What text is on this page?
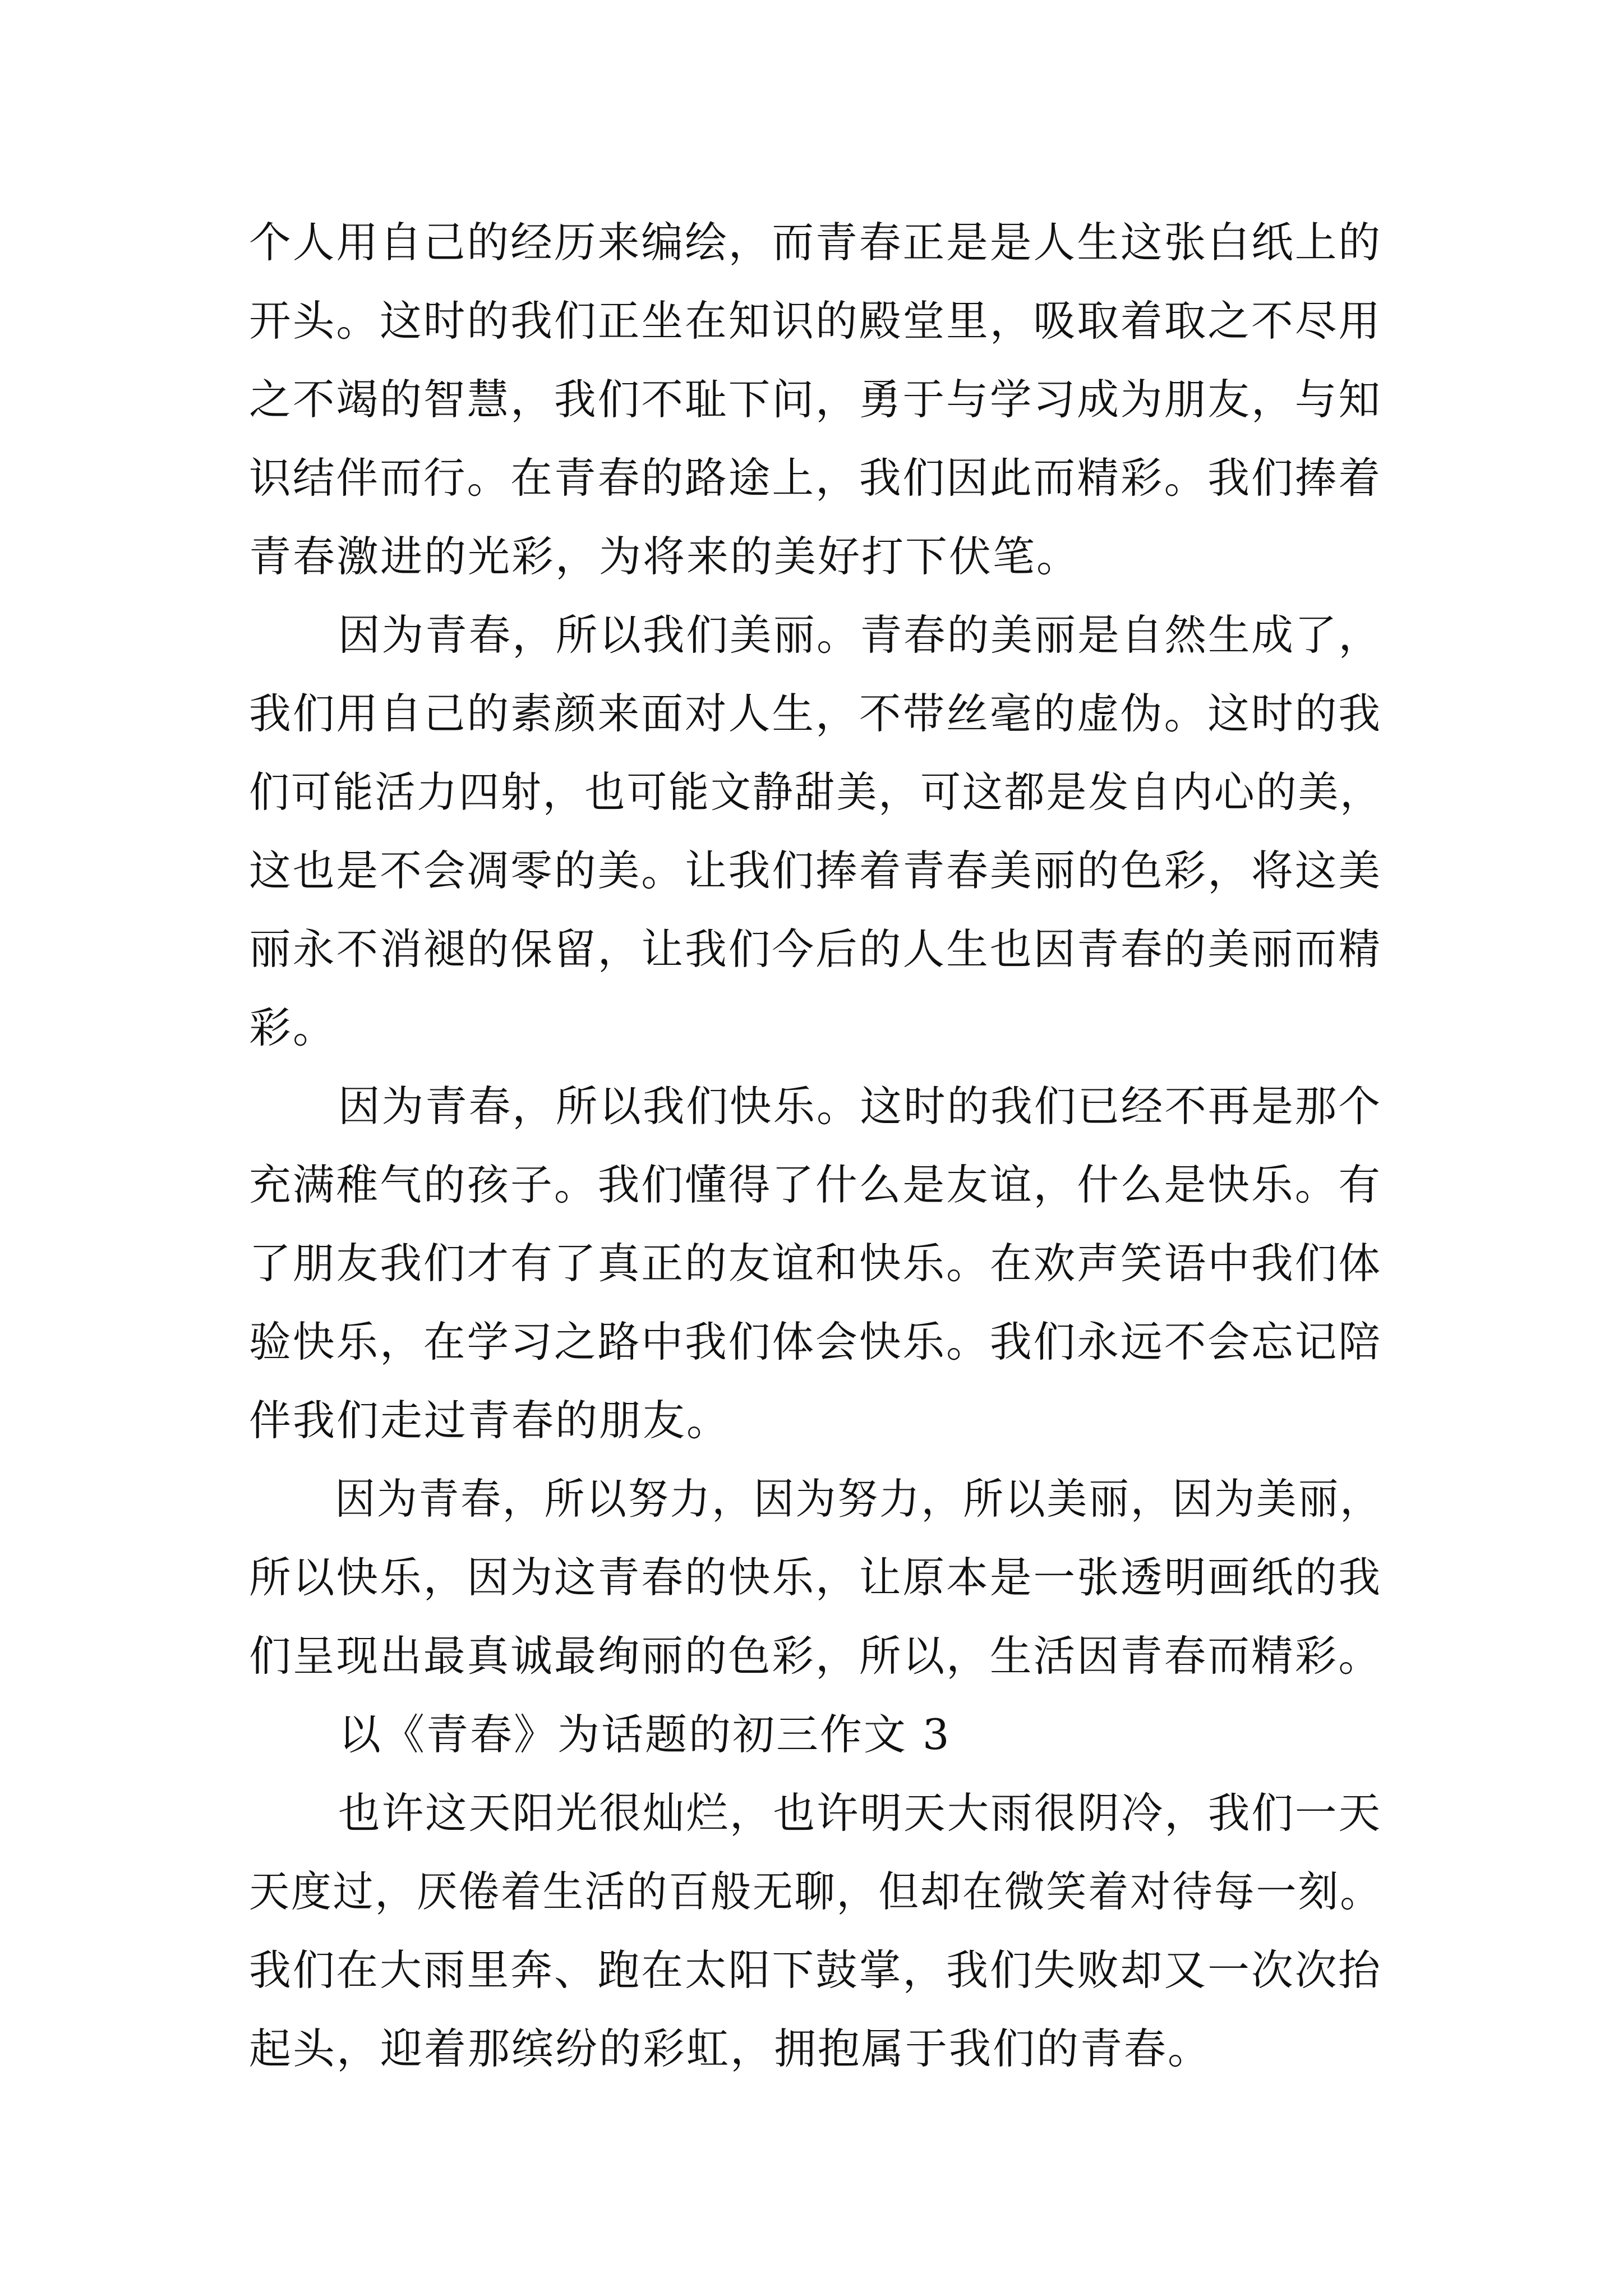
个人用自己的经历来编绘，而青春正是是人生这张白纸上的
开头。这时的我们正坐在知识的殿堂里，吸取着取之不尽用
之不竭的智慧，我们不耻下问，勇于与学习成为朋友，与知
识结伴而行。在青春的路途上，我们因此而精彩。我们捧着
青春激进的光彩，为将来的美好打下伏笔。
因为青春，所以我们美丽。青春的美丽是自然生成了，
我们用自己的素颜来面对人生，不带丝毫的虚伪。这时的我
们可能活力四射，也可能文静甜美，可这都是发自内心的美，
这也是不会凋零的美。让我们捧着青春美丽的色彩，将这美
丽永不消褪的保留，让我们今后的人生也因青春的美丽而精
彩。
因为青春，所以我们快乐。这时的我们已经不再是那个
充满稚气的孩子。我们懂得了什么是友谊，什么是快乐。有
了朋友我们才有了真正的友谊和快乐。在欢声笑语中我们体
验快乐，在学习之路中我们体会快乐。我们永远不会忘记陪
伴我们走过青春的朋友。
因为青春，所以努力，因为努力，所以美丽，因为美丽，
所以快乐，因为这青春的快乐，让原本是一张透明画纸的我
们呈现出最真诚最绚丽的色彩，所以，生活因青春而精彩。
以《青春》为话题的初三作文 3
也许这天阳光很灿烂，也许明天大雨很阴冷，我们一天
天度过，厌倦着生活的百般无聊，但却在微笑着对待每一刻。
我们在大雨里奔、跑在太阳下鼓掌，我们失败却又一次次抬
起头，迎着那缤纷的彩虹，拥抱属于我们的青春。
